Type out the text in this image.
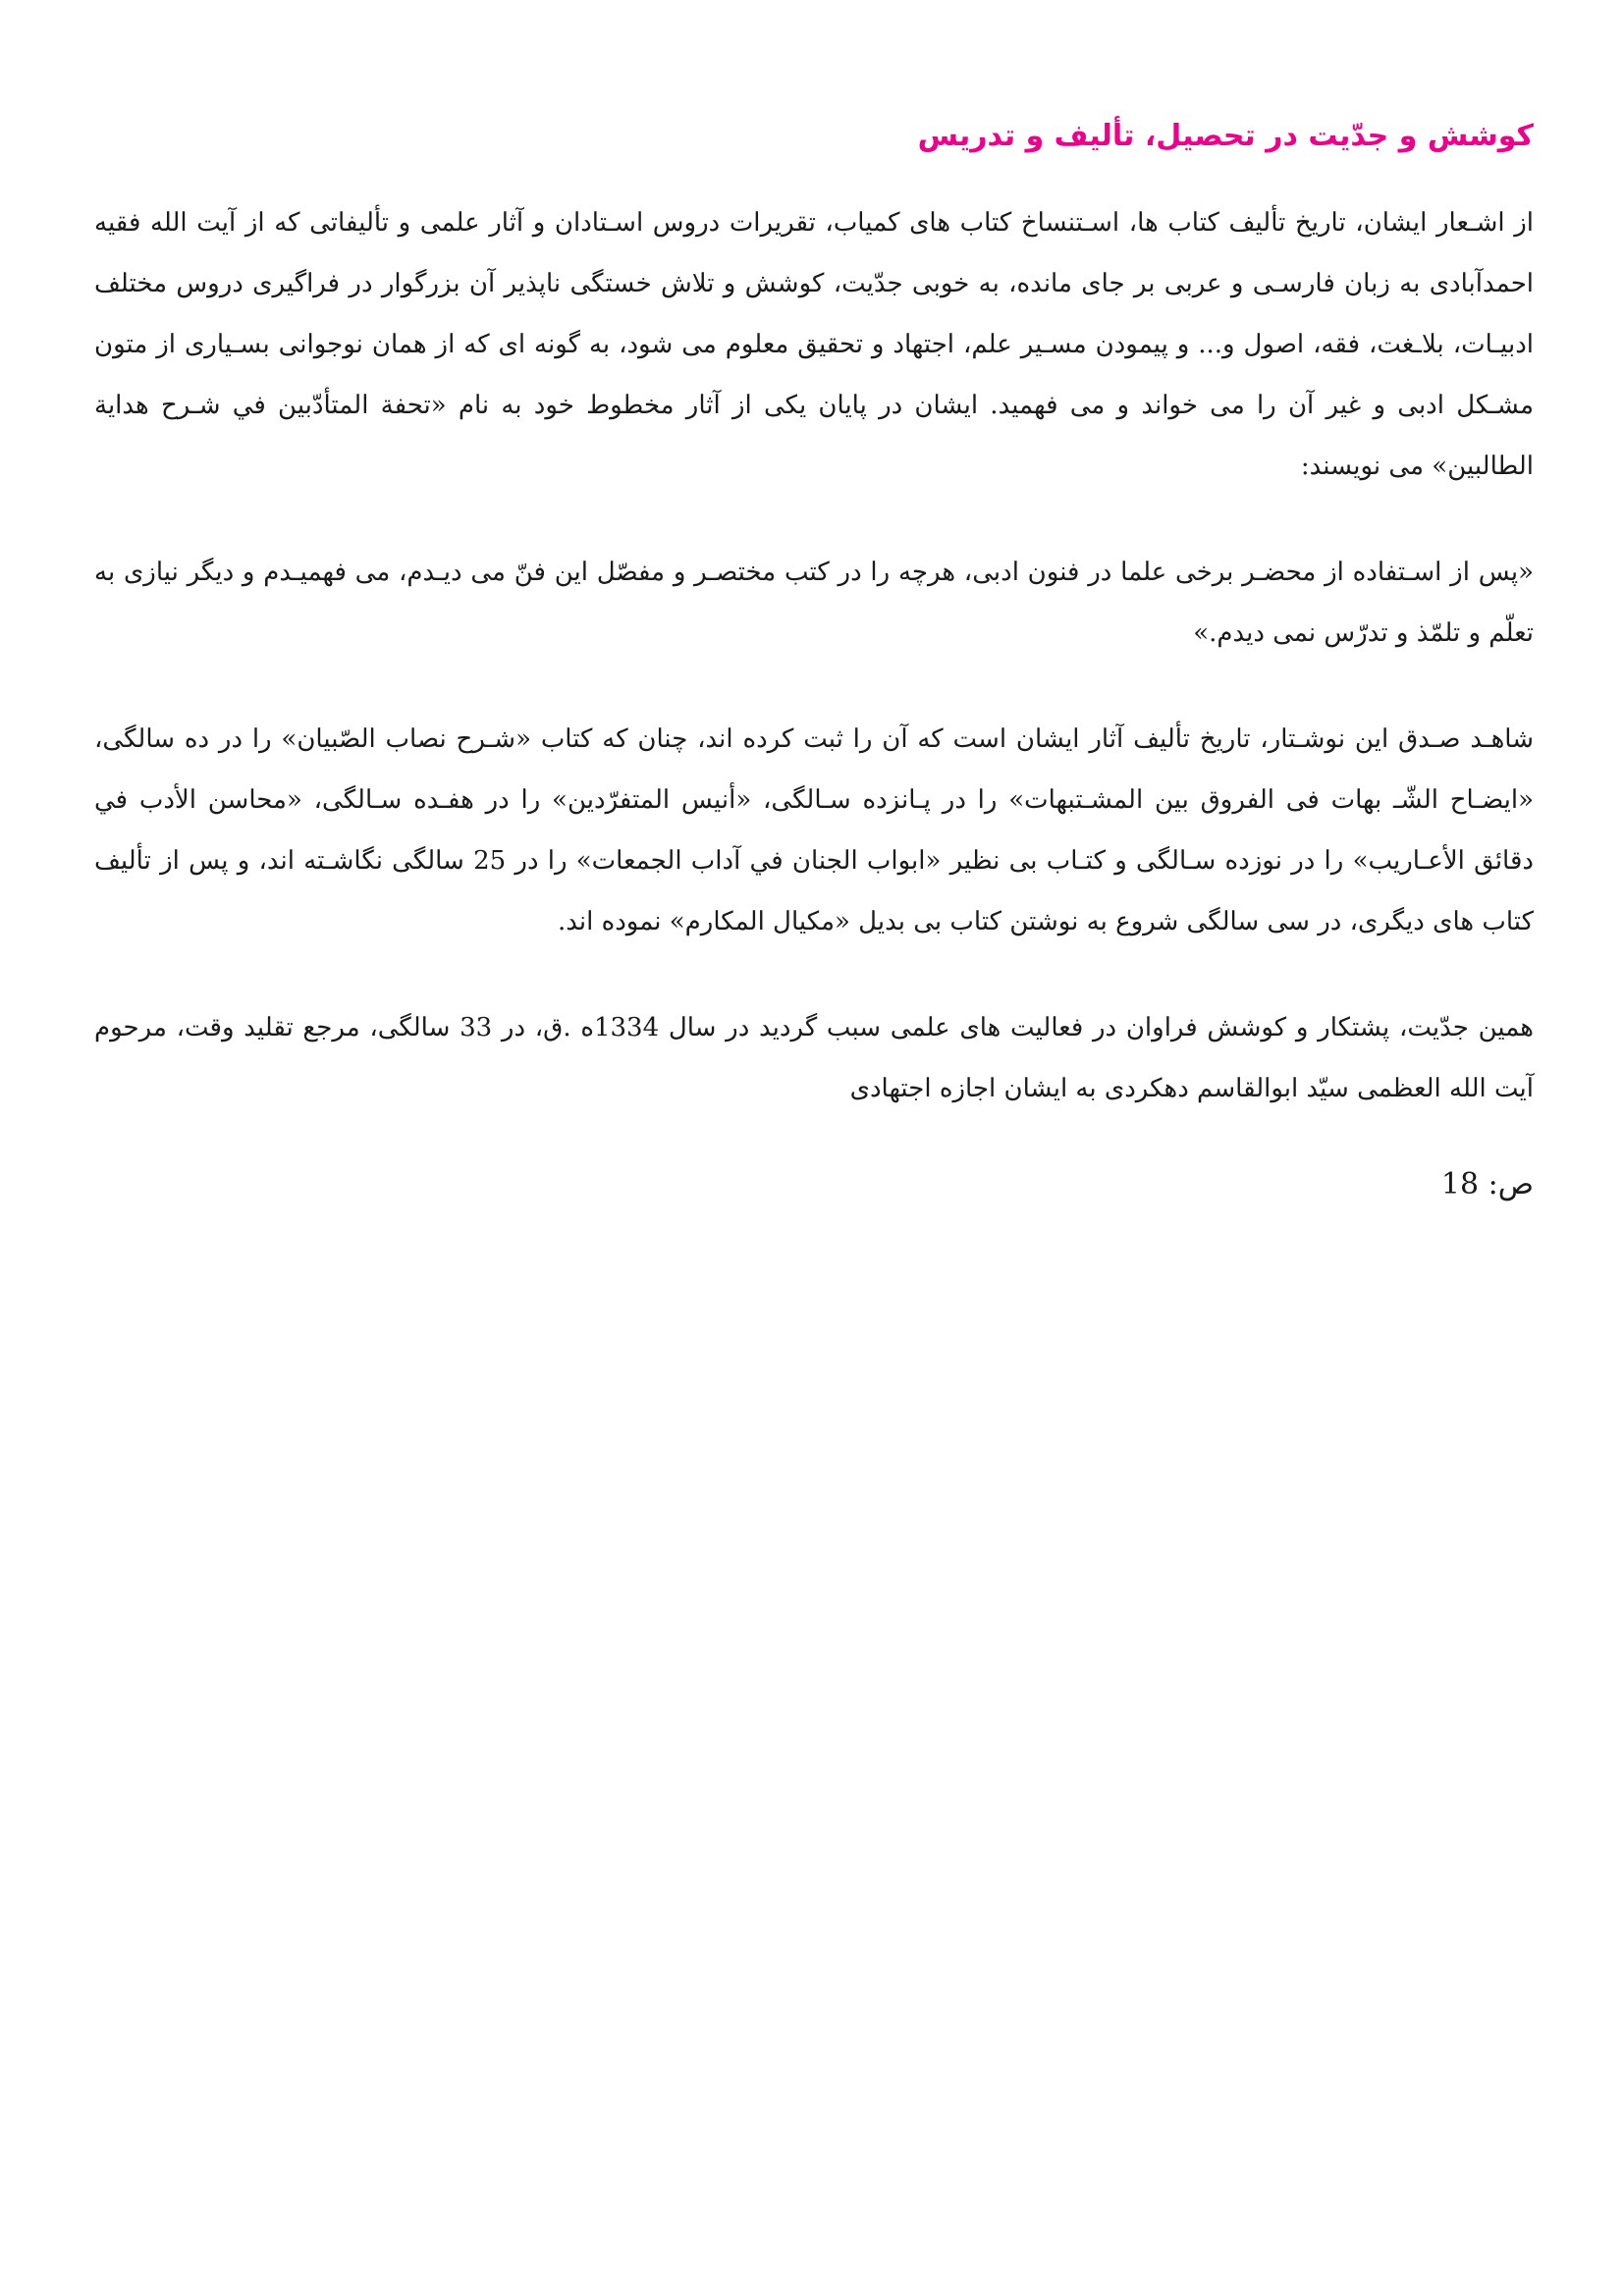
کوشش و جدّیت در تحصیل، تألیف و تدریس

از اشـعار ایشان، تاریخ تألیف کتاب ها، اسـتنساخ کتاب های کمیاب، تقریرات دروس اسـتادان و آثار علمی و تألیفاتی که از آیت الله فقیه احمدآبادی به زبان فارسـی و عربی بر جای مانده، به خوبی جدّیت، کوشش و تلاش خستگی ناپذیر آن بزرگوار در فراگیری دروس مختلف ادبیـات، بلاـغت، فقه، اصول و... و پیمودن مسـیر علم، اجتهاد و تحقیق معلوم می شود، به گونه ای که از همان نوجوانی بسـیاری از متون مشـکل ادبی و غیر آن را می خواند و می فهمید. ایشان در پایان یکی از آثار مخطوط خود به نام «تحفة المتأدّبین في شـرح هدایة الطالبین» می نویسند:

«پس از اسـتفاده از محضـر برخی علما در فنون ادبی، هرچه را در کتب مختصـر و مفصّل این فنّ می دیـدم، می فهمیـدم و دیگر نیازی به تعلّم و تلمّذ و تدرّس نمی دیدم.»

شاهـد صـدق این نوشـتار، تاریخ تألیف آثار ایشان است که آن را ثبت کرده اند، چنان که کتاب «شـرح نصاب الصّبیان» را در ده سالگی، «ایضـاح الشّـ بهات فی الفروق بین المشـتبهات» را در پـانزده سـالگی، «أنیس المتفرّدین» را در هفـده سـالگی، «محاسن الأدب في دقائق الأعـاریب» را در نوزده سـالگی و کتـاب بی نظیر «ابواب الجنان في آداب الجمعات» را در 25 سالگی نگاشـته اند، و پس از تألیف کتاب های دیگری، در سی سالگی شروع به نوشتن کتاب بی بدیل «مکیال المکارم» نموده اند.

همین جدّیت، پشتکار و کوشش فراوان در فعالیت های علمی سبب گردید در سال 1334ه .ق، در 33 سالگی، مرجع تقلید وقت، مرحوم آیت الله العظمی سیّد ابوالقاسم دهکردی به ایشان اجازه اجتهادی

ص: 18
